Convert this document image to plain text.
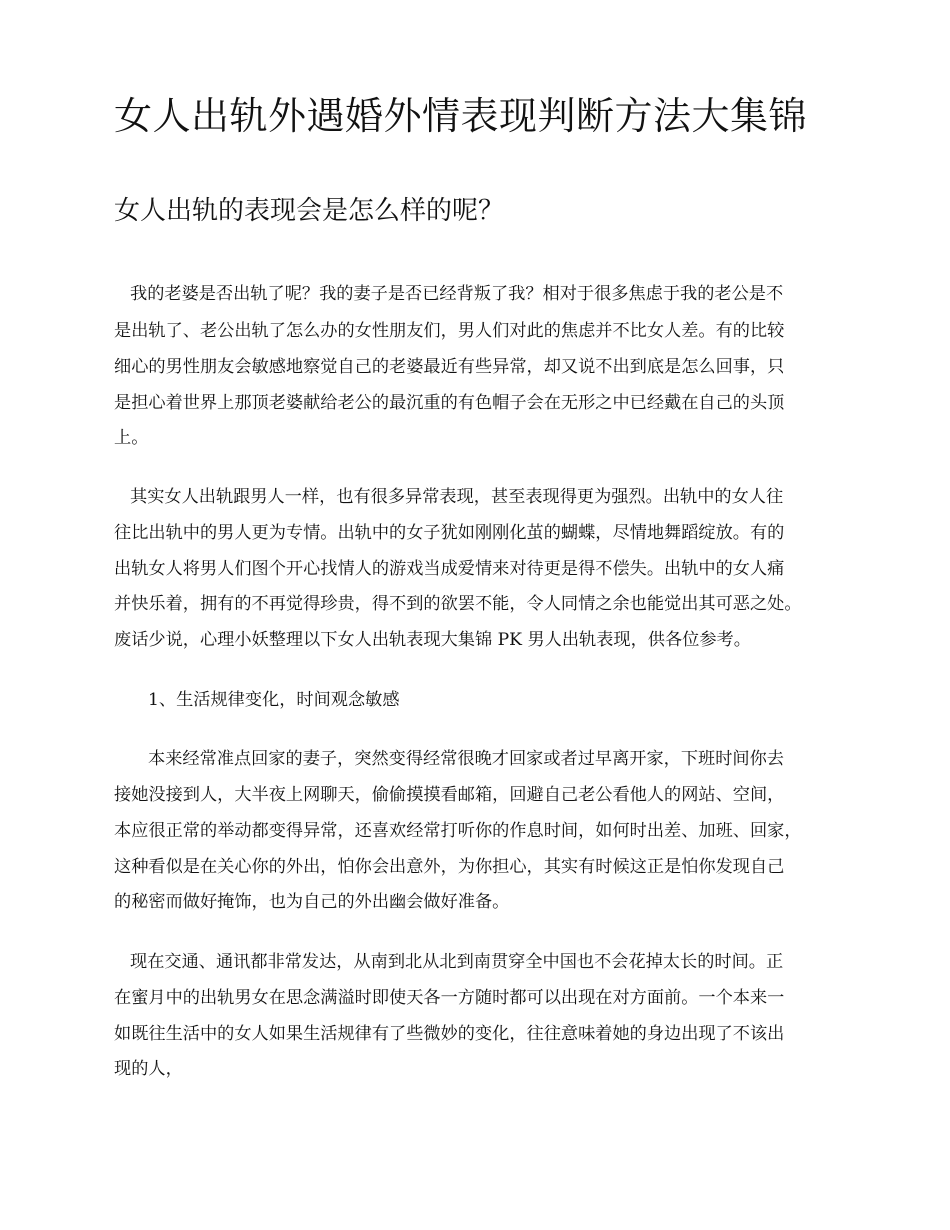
女人出轨外遇婚外情表现判断方法大集锦
女人出轨的表现会是怎么样的呢？

我的老婆是否出轨了呢？我的妻子是否已经背叛了我？相对于很多焦虑于我的老公是不

是出轨了、老公出轨了怎么办的女性朋友们，男人们对此的焦虑并不比女人差。有的比较

细心的男性朋友会敏感地察觉自己的老婆最近有些异常，却又说不出到底是怎么回事，只

是担心着世界上那顶老婆献给老公的最沉重的有色帽子会在无形之中已经戴在自己的头顶

上。

其实女人出轨跟男人一样，也有很多异常表现，甚至表现得更为强烈。出轨中的女人往

往比出轨中的男人更为专情。出轨中的女子犹如刚刚化茧的蝴蝶，尽情地舞蹈绽放。有的

出轨女人将男人们图个开心找情人的游戏当成爱情来对待更是得不偿失。出轨中的女人痛

并快乐着，拥有的不再觉得珍贵，得不到的欲罢不能，令人同情之余也能觉出其可恶之处。

废话少说，心理小妖整理以下女人出轨表现大集锦 PK 男人出轨表现，供各位参考。

1、生活规律变化，时间观念敏感

本来经常准点回家的妻子，突然变得经常很晚才回家或者过早离开家，下班时间你去

接她没接到人，大半夜上网聊天，偷偷摸摸看邮箱，回避自己老公看他人的网站、空间，

本应很正常的举动都变得异常，还喜欢经常打听你的作息时间，如何时出差、加班、回家，

这种看似是在关心你的外出，怕你会出意外，为你担心，其实有时候这正是怕你发现自己

的秘密而做好掩饰，也为自己的外出幽会做好准备。

现在交通、通讯都非常发达，从南到北从北到南贯穿全中国也不会花掉太长的时间。正

在蜜月中的出轨男女在思念满溢时即使天各一方随时都可以出现在对方面前。一个本来一

如既往生活中的女人如果生活规律有了些微妙的变化，往往意味着她的身边出现了不该出

现的人，
